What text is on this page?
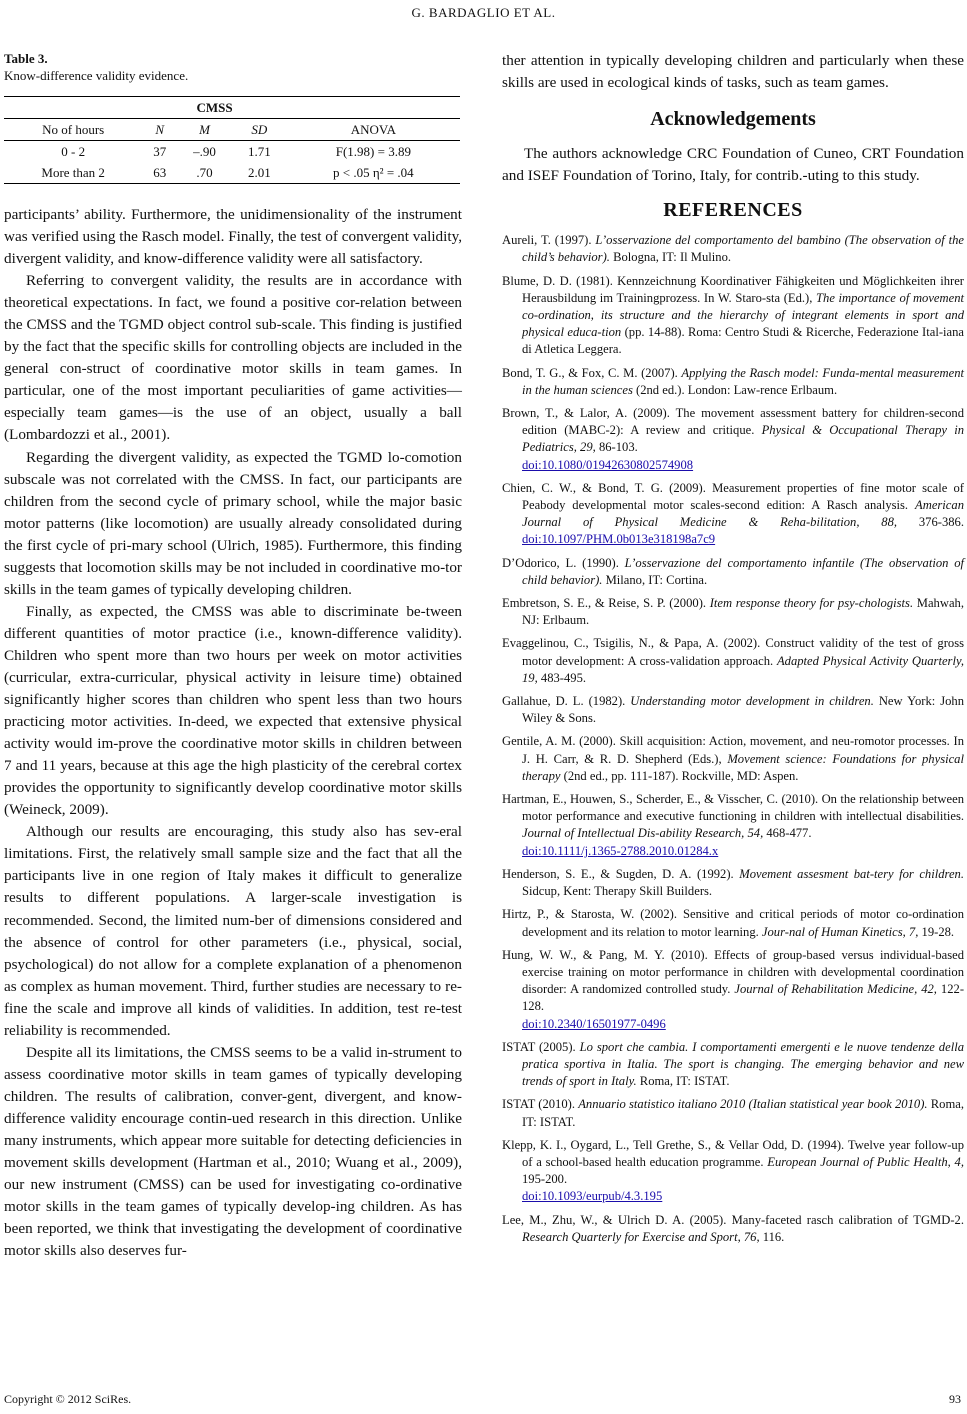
G. BARDAGLIO ET AL.
Table 3.
Know-difference validity evidence.
	CMSS			
No of hours	N	M	SD	ANOVA
0 - 2	37	–.90	1.71	F(1.98) = 3.89
More than 2	63	.70	2.01	p < .05 η² = .04

participants’ ability. Furthermore, the unidimensionality of the instrument was verified using the Rasch model. Finally, the test of convergent validity, divergent validity, and know-difference validity were all satisfactory.

Referring to convergent validity, the results are in accordance with theoretical expectations. In fact, we found a positive cor-relation between the CMSS and the TGMD object control sub-scale. This finding is justified by the fact that the specific skills for controlling objects are included in the general con-struct of coordinative motor skills in team games. In particular, one of the most important peculiarities of game activities—especially team games—is the use of an object, usually a ball (Lombardozzi et al., 2001).

Regarding the divergent validity, as expected the TGMD lo-comotion subscale was not correlated with the CMSS. In fact, our participants are children from the second cycle of primary school, while the major basic motor patterns (like locomotion) are usually already consolidated during the first cycle of pri-mary school (Ulrich, 1985). Furthermore, this finding suggests that locomotion skills may be not included in coordinative mo-tor skills in the team games of typically developing children.

Finally, as expected, the CMSS was able to discriminate be-tween different quantities of motor practice (i.e., known-difference validity). Children who spent more than two hours per week on motor activities (curricular, extra-curricular, physical activity in leisure time) obtained significantly higher scores than children who spent less than two hours practicing motor activities. In-deed, we expected that extensive physical activity would im-prove the coordinative motor skills in children between 7 and 11 years, because at this age the high plasticity of the cerebral cortex provides the opportunity to significantly develop coordinative motor skills (Weineck, 2009).

Although our results are encouraging, this study also has sev-eral limitations. First, the relatively small sample size and the fact that all the participants live in one region of Italy makes it difficult to generalize results to different populations. A larger-scale investigation is recommended. Second, the limited num-ber of dimensions considered and the absence of control for other parameters (i.e., physical, social, psychological) do not allow for a complete explanation of a phenomenon as complex as human movement. Third, further studies are necessary to re-fine the scale and improve all kinds of validities. In addition, test re-test reliability is recommended.

Despite all its limitations, the CMSS seems to be a valid in-strument to assess coordinative motor skills in team games of typically developing children. The results of calibration, conver-gent, divergent, and know-difference validity encourage contin-ued research in this direction. Unlike many instruments, which appear more suitable for detecting deficiencies in movement skills development (Hartman et al., 2010; Wuang et al., 2009), our new instrument (CMSS) can be used for investigating co-ordinative motor skills in the team games of typically develop-ing children. As has been reported, we think that investigating the development of coordinative motor skills also deserves fur-

ther attention in typically developing children and particularly when these skills are used in ecological kinds of tasks, such as team games.

Acknowledgements

The authors acknowledge CRC Foundation of Cuneo, CRT Foundation and ISEF Foundation of Torino, Italy, for contrib.-uting to this study.

REFERENCES

Aureli, T. (1997). L’osservazione del comportamento del bambino (The observation of the child’s behavior). Bologna, IT: Il Mulino.

Blume, D. D. (1981). Kennzeichnung Koordinativer Fähigkeiten und Möglichkeiten ihrer Herausbildung im Trainingprozess. In W. Staro-sta (Ed.), The importance of movement co-ordination, its structure and the hierarchy of integrant elements in sport and physical educa-tion (pp. 14-88). Roma: Centro Studi & Ricerche, Federazione Ital-iana di Atletica Leggera.

Bond, T. G., & Fox, C. M. (2007). Applying the Rasch model: Funda-mental measurement in the human sciences (2nd ed.). London: Law-rence Erlbaum.

Brown, T., & Lalor, A. (2009). The movement assessment battery for children-second edition (MABC-2): A review and critique. Physical & Occupational Therapy in Pediatrics, 29, 86-103.
doi:10.1080/01942630802574908

Chien, C. W., & Bond, T. G. (2009). Measurement properties of fine motor scale of Peabody developmental motor scales-second edition: A Rasch analysis. American Journal of Physical Medicine & Reha-bilitation, 88, 376-386. doi:10.1097/PHM.0b013e318198a7c9

D’Odorico, L. (1990). L’osservazione del comportamento infantile (The observation of child behavior). Milano, IT: Cortina.

Embretson, S. E., & Reise, S. P. (2000). Item response theory for psy-chologists. Mahwah, NJ: Erlbaum.

Evaggelinou, C., Tsigilis, N., & Papa, A. (2002). Construct validity of the test of gross motor development: A cross-validation approach. Adapted Physical Activity Quarterly, 19, 483-495.

Gallahue, D. L. (1982). Understanding motor development in children. New York: John Wiley & Sons.

Gentile, A. M. (2000). Skill acquisition: Action, movement, and neu-romotor processes. In J. H. Carr, & R. D. Shepherd (Eds.), Movement science: Foundations for physical therapy (2nd ed., pp. 111-187). Rockville, MD: Aspen.

Hartman, E., Houwen, S., Scherder, E., & Visscher, C. (2010). On the relationship between motor performance and executive functioning in children with intellectual disabilities. Journal of Intellectual Dis-ability Research, 54, 468-477.
doi:10.1111/j.1365-2788.2010.01284.x

Henderson, S. E., & Sugden, D. A. (1992). Movement assesment bat-tery for children. Sidcup, Kent: Therapy Skill Builders.

Hirtz, P., & Starosta, W. (2002). Sensitive and critical periods of motor co-ordination development and its relation to motor learning. Jour-nal of Human Kinetics, 7, 19-28.

Hung, W. W., & Pang, M. Y. (2010). Effects of group-based versus individual-based exercise training on motor performance in children with developmental coordination disorder: A randomized controlled study. Journal of Rehabilitation Medicine, 42, 122-128.
doi:10.2340/16501977-0496

ISTAT (2005). Lo sport che cambia. I comportamenti emergenti e le nuove tendenze della pratica sportiva in Italia. The sport is changing. The emerging behavior and new trends of sport in Italy. Roma, IT: ISTAT.

ISTAT (2010). Annuario statistico italiano 2010 (Italian statistical year book 2010). Roma, IT: ISTAT.

Klepp, K. I., Oygard, L., Tell Grethe, S., & Vellar Odd, D. (1994). Twelve year follow-up of a school-based health education programme. European Journal of Public Health, 4, 195-200.
doi:10.1093/eurpub/4.3.195

Lee, M., Zhu, W., & Ulrich D. A. (2005). Many-faceted rasch calibration of TGMD-2. Research Quarterly for Exercise and Sport, 76, 116.

Copyright © 2012 SciRes.	93
